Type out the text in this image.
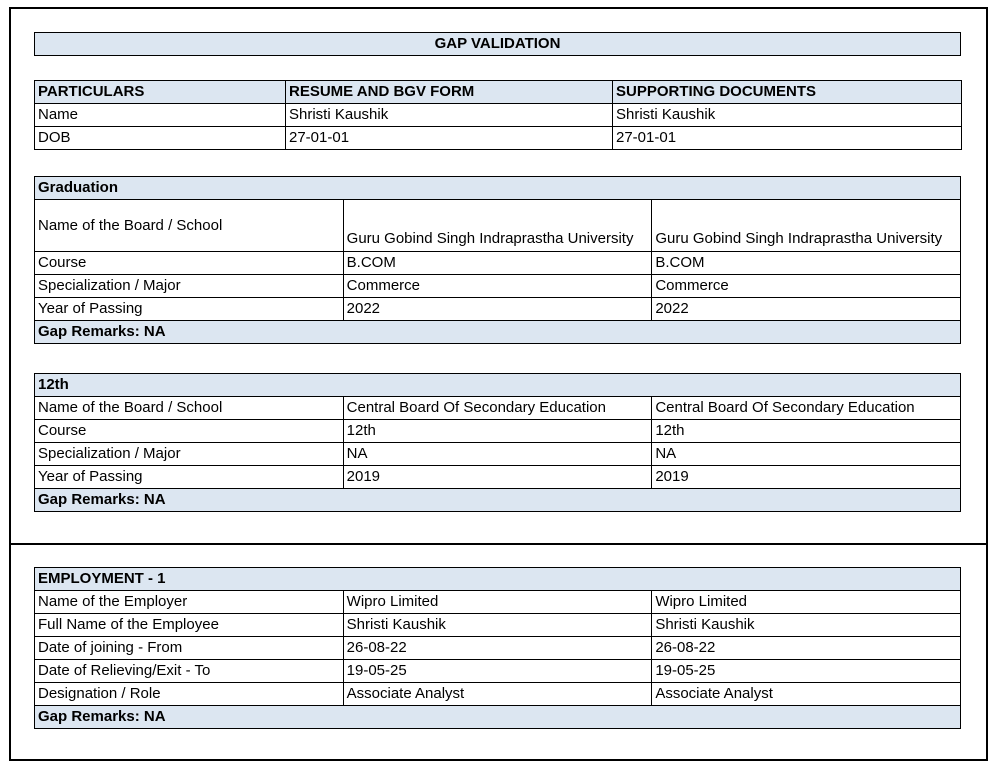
GAP VALIDATION
PARTICULARS	RESUME AND BGV FORM	SUPPORTING DOCUMENTS
Name	Shristi Kaushik	Shristi Kaushik
DOB	27-01-01	27-01-01
Graduation		
Name of the Board / School	Guru Gobind Singh Indraprastha University	Guru Gobind Singh Indraprastha University
Course	B.COM	B.COM
Specialization / Major	Commerce	Commerce
Year of Passing	2022	2022
Gap Remarks: NA		
12th		
Name of the Board / School	Central Board Of Secondary Education	Central Board Of Secondary Education
Course	12th	12th
Specialization / Major	NA	NA
Year of Passing	2019	2019
Gap Remarks: NA		
EMPLOYMENT - 1		
Name of the Employer	Wipro Limited	Wipro Limited
Full Name of the Employee	Shristi Kaushik	Shristi Kaushik
Date of joining - From	26-08-22	26-08-22
Date of Relieving/Exit - To	19-05-25	19-05-25
Designation / Role	Associate Analyst	Associate Analyst
Gap Remarks: NA		
